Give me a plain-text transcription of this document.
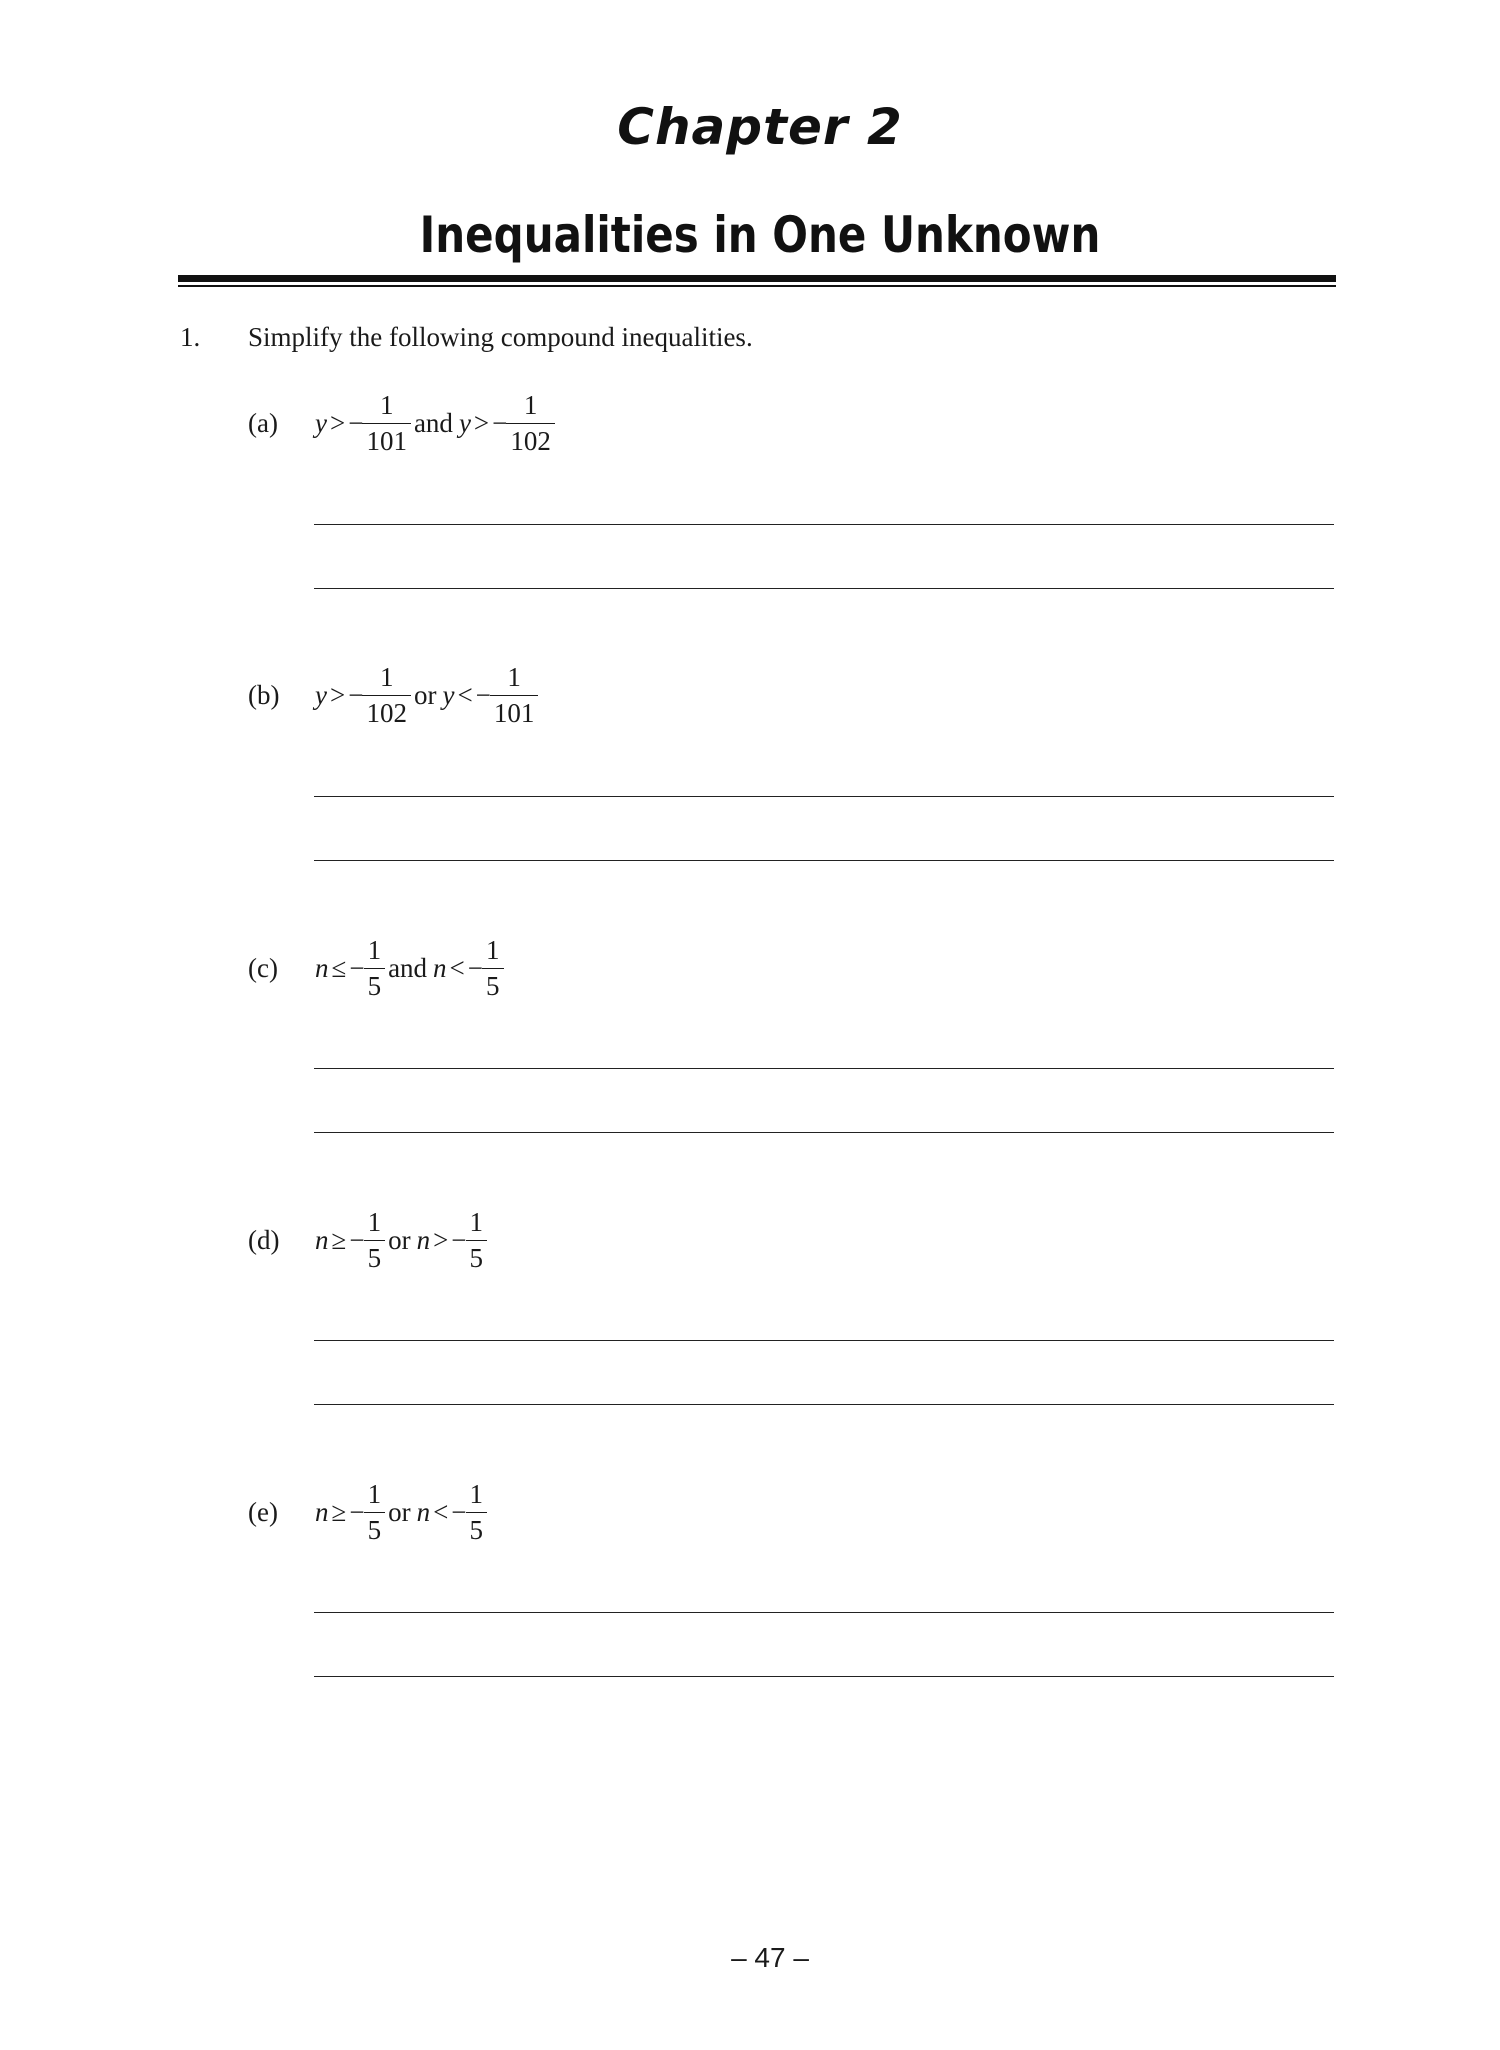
Chapter 2
Inequalities in One Unknown
1. Simplify the following compound inequalities.
(a) y > − $\frac{1}{101}$ and y > − $\frac{1}{102}$
(b) y > − $\frac{1}{102}$ or y < − $\frac{1}{101}$
(c) n ≤ − $\frac{1}{5}$ and n < − $\frac{1}{5}$
(d) n ≥ − $\frac{1}{5}$ or n > − $\frac{1}{5}$
(e) n ≥ − $\frac{1}{5}$ or n < − $\frac{1}{5}$
– 47 –
